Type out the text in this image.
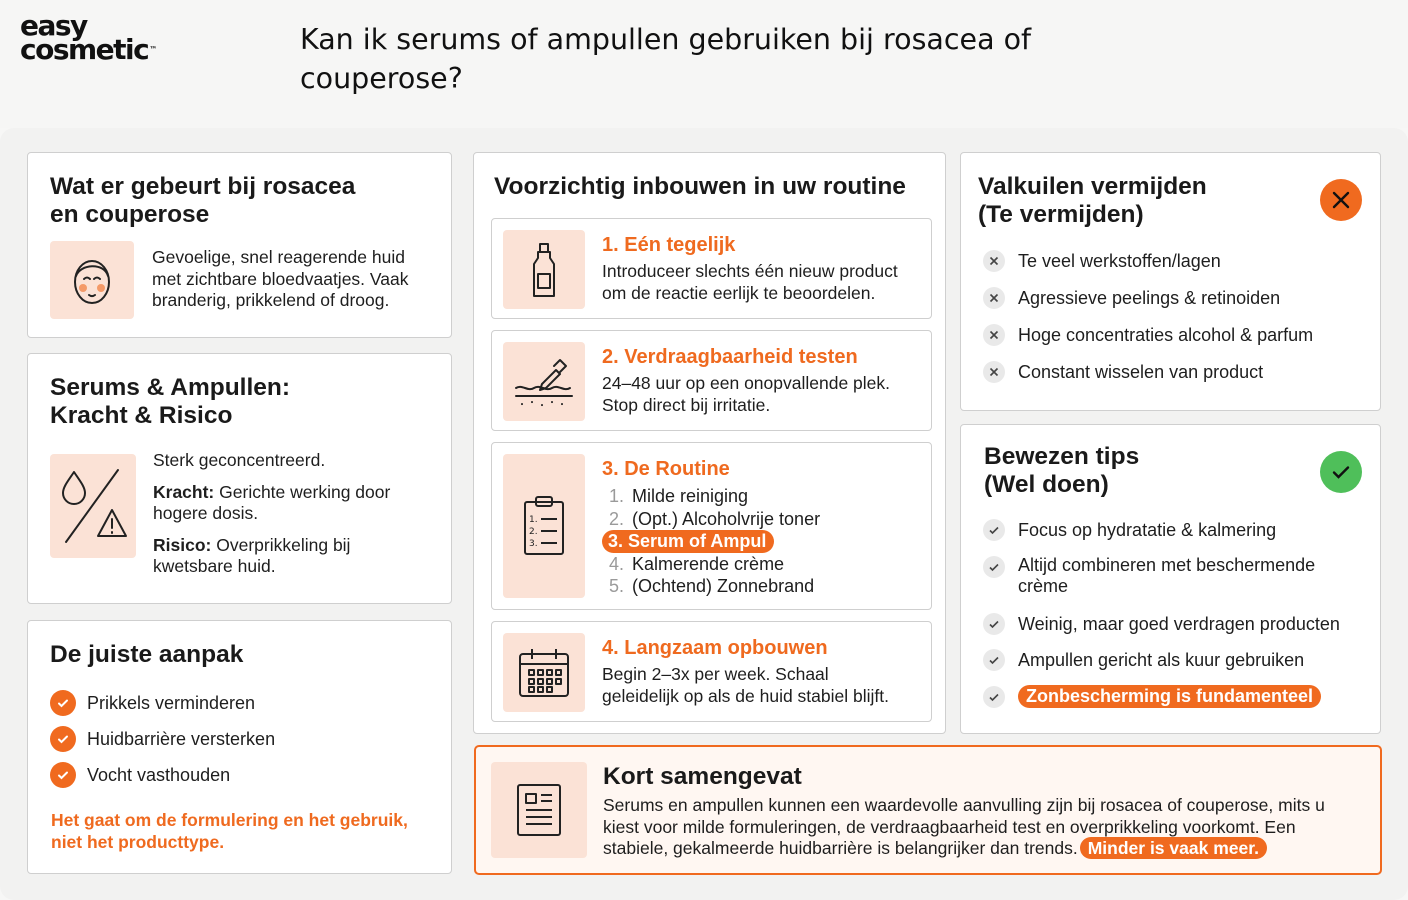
easy
cosmetic™	Kan ik serums of ampullen gebruiken bij rosacea of couperose?
Wat er gebeurt bij rosacea
en couperose
Gevoelige, snel reagerende huid
met zichtbare bloedvaatjes. Vaak
branderig, prikkelend of droog.
Serums & Ampullen:
Kracht & Risico
Sterk geconcentreerd.
Kracht: Gerichte werking door
hogere dosis.
Risico: Overprikkeling bij
kwetsbare huid.
De juiste aanpak
Prikkels verminderen
Huidbarrière versterken
Vocht vasthouden
Het gaat om de formulering en het gebruik,
niet het producttype.
Voorzichtig inbouwen in uw routine
1. Eén tegelijk
Introduceer slechts één nieuw product
om de reactie eerlijk te beoordelen.
2. Verdraagbaarheid testen
24–48 uur op een onopvallende plek.
Stop direct bij irritatie.
1.
2.
3.
3. De Routine
1. Milde reiniging
2. (Opt.) Alcoholvrije toner
3. Serum of Ampul
4. Kalmerende crème
5. (Ochtend) Zonnebrand
4. Langzaam opbouwen
Begin 2–3x per week. Schaal
geleidelijk op als de huid stabiel blijft.
Valkuilen vermijden
(Te vermijden)
Te veel werkstoffen/lagen
Agressieve peelings & retinoiden
Hoge concentraties alcohol & parfum
Constant wisselen van product
Bewezen tips
(Wel doen)
Focus op hydratatie & kalmering
Altijd combineren met beschermende
crème
Weinig, maar goed verdragen producten
Ampullen gericht als kuur gebruiken
Zonbescherming is fundamenteel
Kort samengevat
Serums en ampullen kunnen een waardevolle aanvulling zijn bij rosacea of couperose, mits u
kiest voor milde formuleringen, de verdraagbaarheid test en overprikkeling voorkomt. Een
stabiele, gekalmeerde huidbarrière is belangrijker dan trends. Minder is vaak meer.
